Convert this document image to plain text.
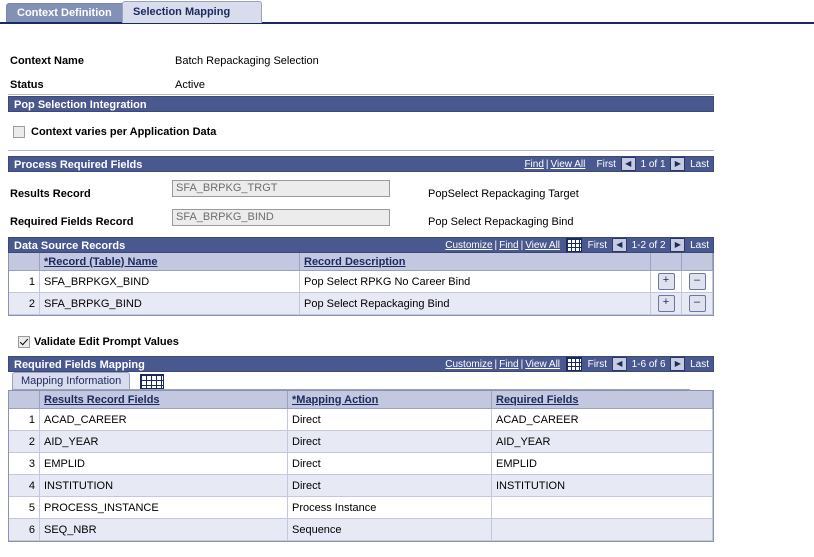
Context Definition	Selection Mapping
Context Name	Batch Repackaging Selection
Status	Active
Pop Selection Integration
Context varies per Application Data
Process Required Fields	Find | View All First ◀ 1 of 1 ▶ Last
Results Record	SFA_BRPKG_TRGT	PopSelect Repackaging Target
Required Fields Record	SFA_BRPKG_BIND	Pop Select Repackaging Bind
Data Source Records	Customize | Find | View All	First ◀ 1-2 of 2 ▶ Last
	*Record (Table) Name	Record Description		
1	SFA_BRPKGX_BIND	Pop Select RPKG No Career Bind	+	–
2	SFA_BRPKG_BIND	Pop Select Repackaging Bind	+	–
Validate Edit Prompt Values
Required Fields Mapping	Customize | Find | View All	First ◀ 1-6 of 6 ▶ Last
Mapping Information
	Results Record Fields	*Mapping Action	Required Fields
1	ACAD_CAREER	Direct	ACAD_CAREER
2	AID_YEAR	Direct	AID_YEAR
3	EMPLID	Direct	EMPLID
4	INSTITUTION	Direct	INSTITUTION
5	PROCESS_INSTANCE	Process Instance	
6	SEQ_NBR	Sequence	
